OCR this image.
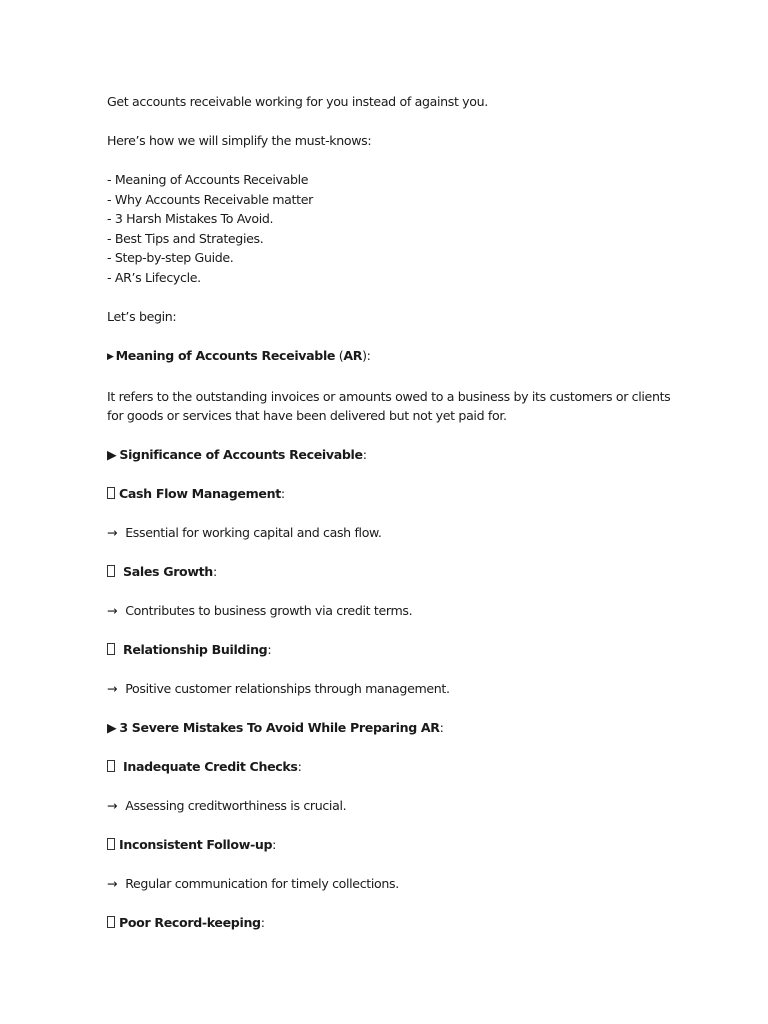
Get accounts receivable working for you instead of against you.

Here’s how we will simplify the must-knows:

- Meaning of Accounts Receivable

- Why Accounts Receivable matter

- 3 Harsh Mistakes To Avoid.

- Best Tips and Strategies.

- Step-by-step Guide.

- AR’s Lifecycle.

Let’s begin:

▶ Meaning of Accounts Receivable (AR):

It refers to the outstanding invoices or amounts owed to a business by its customers or clients

for goods or services that have been delivered but not yet paid for.

▶ Significance of Accounts Receivable:

Cash Flow Management:

→ Essential for working capital and cash flow.

Sales Growth:

→ Contributes to business growth via credit terms.

Relationship Building:

→ Positive customer relationships through management.

▶ 3 Severe Mistakes To Avoid While Preparing AR:

Inadequate Credit Checks:

→ Assessing creditworthiness is crucial.

Inconsistent Follow-up:

→ Regular communication for timely collections.

Poor Record-keeping:
